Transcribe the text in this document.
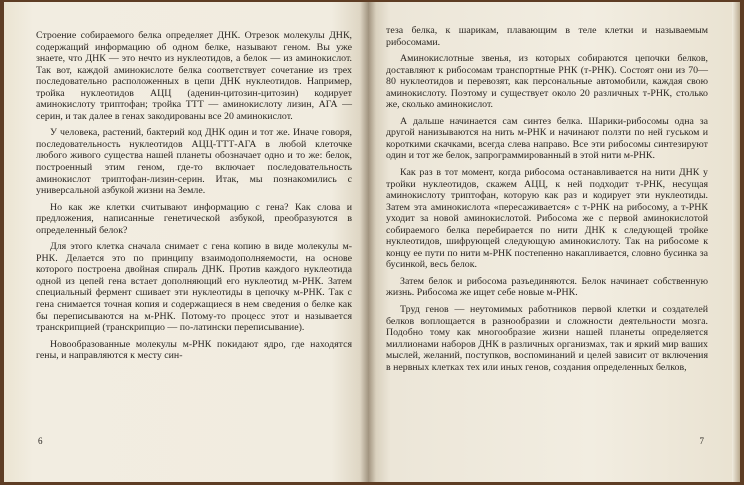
Строение собираемого белка определяет ДНК. Отрезок молекулы ДНК, содержащий информацию об одном белке, называют геном. Вы уже знаете, что ДНК — это нечто из нуклеотидов, а белок — из аминокислот. Так вот, каждой аминокислоте белка соответствует сочетание из трех последовательно расположенных в цепи ДНК нуклеотидов. Например, тройка нуклеотидов АЦЦ (аденин-цитозин-цитозин) кодирует аминокислоту триптофан; тройка ТТТ — аминокислоту лизин, АГА — серин, и так далее в генах закодированы все 20 аминокислот.

У человека, растений, бактерий код ДНК один и тот же. Иначе говоря, последовательность нуклеотидов АЦЦ-ТТТ-АГА в любой клеточке любого живого существа нашей планеты обозначает одно и то же: белок, построенный этим геном, где-то включает последовательность аминокислот триптофан-лизин-серин. Итак, мы познакомились с универсальной азбукой жизни на Земле.

Но как же клетки считывают информацию с гена? Как слова и предложения, написанные генетической азбукой, преобразуются в определенный белок?

Для этого клетка сначала снимает с гена копию в виде молекулы м-РНК. Делается это по принципу взаимодополняемости, на основе которого построена двойная спираль ДНК. Против каждого нуклеотида одной из цепей гена встает дополняющий его нуклеотид м-РНК. Затем специальный фермент сшивает эти нуклеотиды в цепочку м-РНК. Так с гена снимается точная копия и содержащиеся в нем сведения о белке как бы переписываются на м-РНК. Потому-то процесс этот и называется транскрипцией (транскрипцио — по-латински переписывание).

Новообразованные молекулы м-РНК покидают ядро, где находятся гены, и направляются к месту син-

6

теза белка, к шарикам, плавающим в теле клетки и называемым рибосомами.

Аминокислотные звенья, из которых собираются цепочки белков, доставляют к рибосомам транспортные РНК (т-РНК). Состоят они из 70—80 нуклеотидов и перевозят, как персональные автомобили, каждая свою аминокислоту. Поэтому и существует около 20 различных т-РНК, столько же, сколько аминокислот.

А дальше начинается сам синтез белка. Шарики-рибосомы одна за другой нанизываются на нить м-РНК и начинают ползти по ней гуськом и короткими скачками, всегда слева направо. Все эти рибосомы синтезируют один и тот же белок, запрограммированный в этой нити м-РНК.

Как раз в тот момент, когда рибосома останавливается на нити ДНК у тройки нуклеотидов, скажем АЦЦ, к ней подходит т-РНК, несущая аминокислоту триптофан, которую как раз и кодирует эти нуклеотиды. Затем эта аминокислота «пересаживается» с т-РНК на рибосому, а т-РНК уходит за новой аминокислотой. Рибосома же с первой аминокислотой собираемого белка перебирается по нити ДНК к следующей тройке нуклеотидов, шифрующей следующую аминокислоту. Так на рибосоме к концу ее пути по нити м-РНК постепенно накапливается, словно бусинка за бусинкой, весь белок.

Затем белок и рибосома разъединяются. Белок начинает собственную жизнь. Рибосома же ищет себе новые м-РНК.

Труд генов — неутомимых работников первой клетки и создателей белков воплощается в разнообразии и сложности деятельности мозга. Подобно тому как многообразие жизни нашей планеты определяется миллионами наборов ДНК в различных организмах, так и яркий мир ваших мыслей, желаний, поступков, воспоминаний и целей зависит от включения в нервных клетках тех или иных генов, создания определенных белков,

7
